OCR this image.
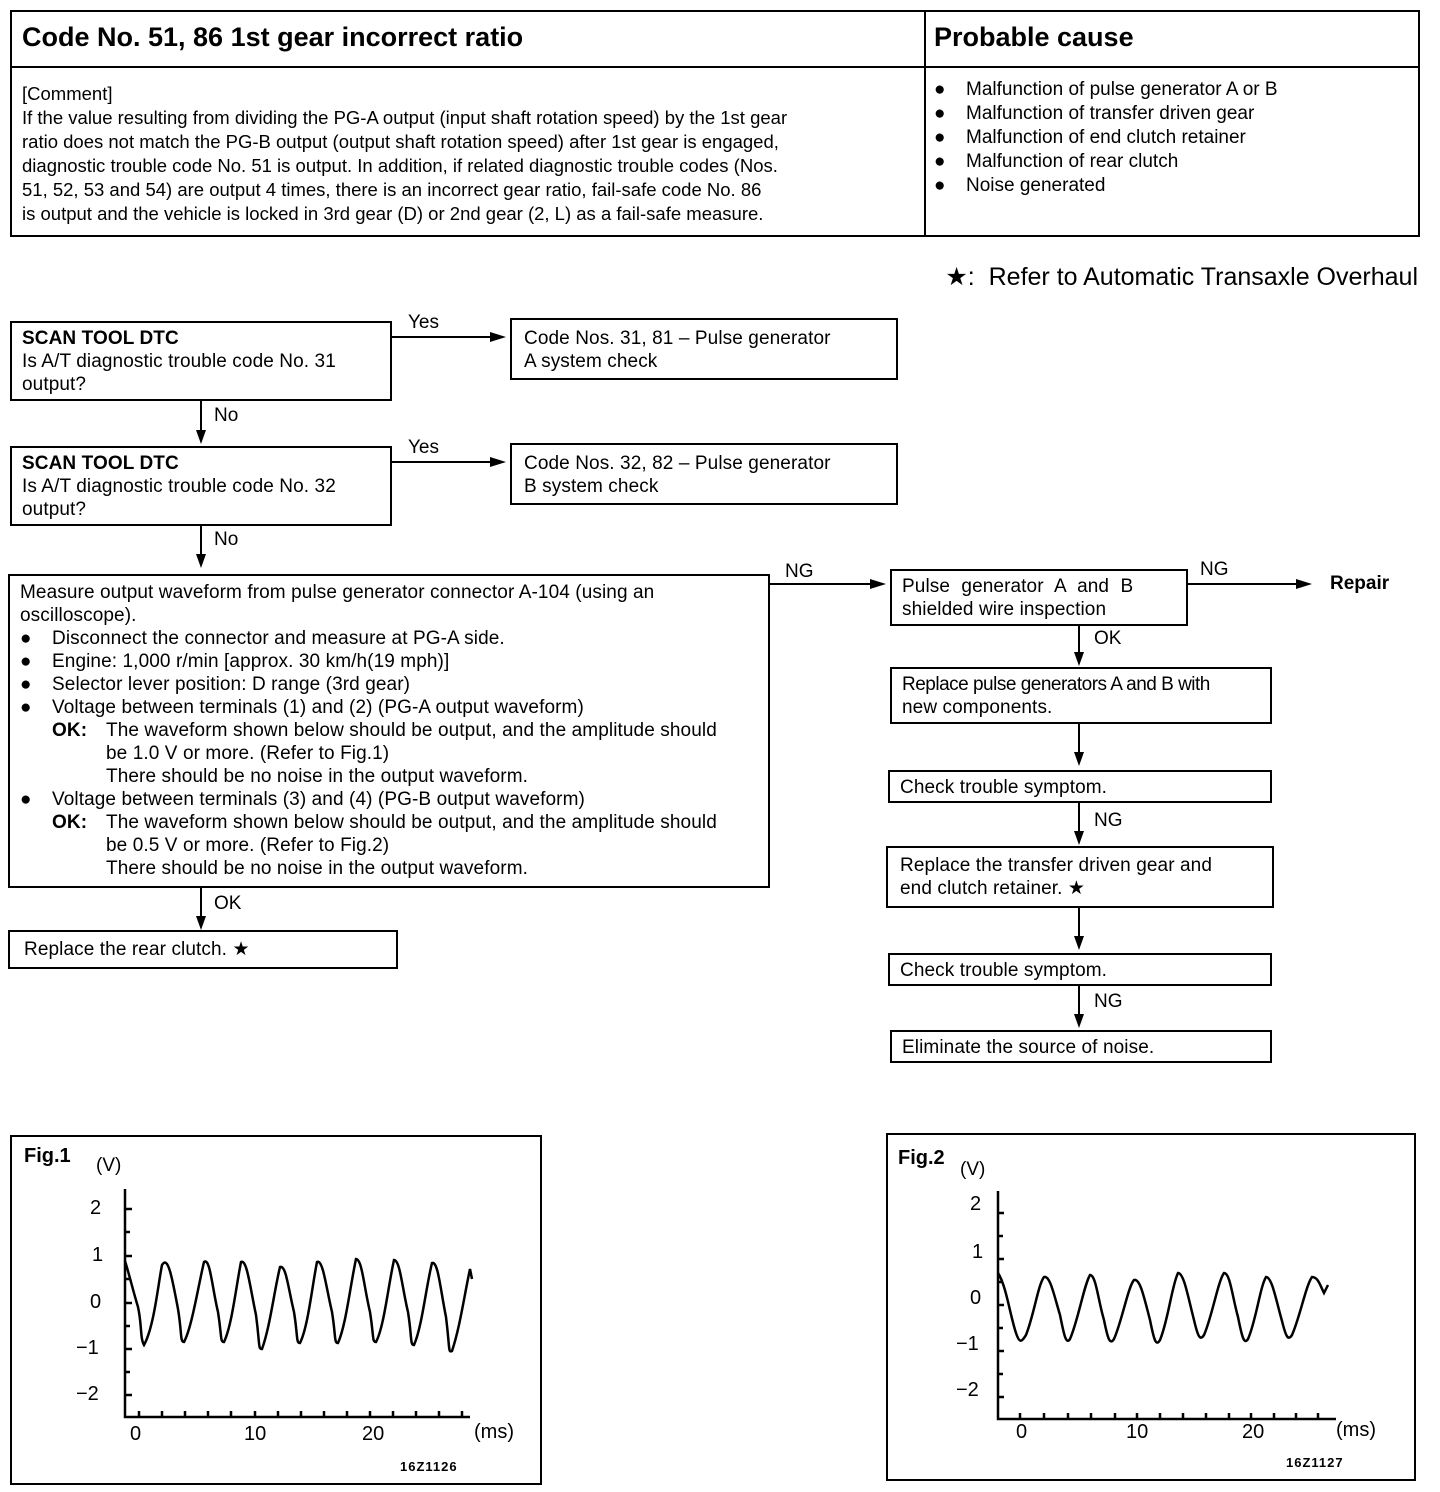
Code No. 51, 86 1st gear incorrect ratio	Probable cause
[Comment]
If the value resulting from dividing the PG-A output (input shaft rotation speed) by the 1st gear
ratio does not match the PG-B output (output shaft rotation speed) after 1st gear is engaged,
diagnostic trouble code No. 51 is output. In addition, if related diagnostic trouble codes (Nos.
51, 52, 53 and 54) are output 4 times, there is an incorrect gear ratio, fail-safe code No. 86
is output and the vehicle is locked in 3rd gear (D) or 2nd gear (2, L) as a fail-safe measure.
●	Malfunction of pulse generator A or B
●	Malfunction of transfer driven gear
●	Malfunction of end clutch retainer
●	Malfunction of rear clutch
●	Noise generated
★: Refer to Automatic Transaxle Overhaul
SCAN TOOL DTC
Is A/T diagnostic trouble code No. 31
output?
Yes
Code Nos. 31, 81 – Pulse generator
A system check
No
SCAN TOOL DTC
Is A/T diagnostic trouble code No. 32
output?
Yes
Code Nos. 32, 82 – Pulse generator
B system check
No
Measure output waveform from pulse generator connector A-104 (using an
oscilloscope).
●	Disconnect the connector and measure at PG-A side.
●	Engine: 1,000 r/min [approx. 30 km/h(19 mph)]
●	Selector lever position: D range (3rd gear)
●	Voltage between terminals (1) and (2) (PG-A output waveform)
OK: The waveform shown below should be output, and the amplitude should
be 1.0 V or more. (Refer to Fig.1)
There should be no noise in the output waveform.
●	Voltage between terminals (3) and (4) (PG-B output waveform)
OK: The waveform shown below should be output, and the amplitude should
be 0.5 V or more. (Refer to Fig.2)
There should be no noise in the output waveform.
OK
Replace the rear clutch. ★
NG
Pulse generator A and B
shielded wire inspection
NG
Repair
OK
Replace pulse generators A and B with
new components.
Check trouble symptom.
NG
Replace the transfer driven gear and
end clutch retainer. ★
Check trouble symptom.
NG
Eliminate the source of noise.
Fig.1 (V)
2
1
0
−1
−2
0	10	20	(ms)
16Z1126
Fig.2
(V)
2
1
0
−1
−2
0	10	20	(ms)
16Z1127
